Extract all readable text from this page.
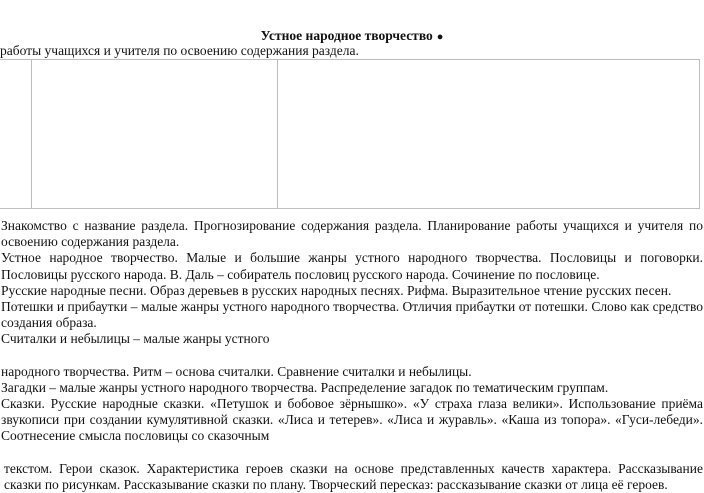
Устное народное творчество ●
работы учащихся и учителя по освоению содержания раздела.

Знакомство с название раздела. Прогнозирование содержания раздела. Планирование работы учащихся и учителя по освоению содержания раздела.

Устное народное творчество. Малые и большие жанры устного народного творчества. Пословицы и поговорки. Пословицы русского народа. В. Даль – собиратель пословиц русского народа. Сочинение по пословице.

Русские народные песни. Образ деревьев в русских народных песнях. Рифма. Выразительное чтение русских песен.

Потешки и прибаутки – малые жанры устного народного творчества. Отличия прибаутки от потешки. Слово как средство создания образа.

Считалки и небылицы – малые жанры устного

народного творчества. Ритм – основа считалки. Сравнение считалки и небылицы.

Загадки – малые жанры устного народного творчества. Распределение загадок по тематическим группам.

Сказки. Русские народные сказки. «Петушок и бобовое зёрнышко». «У страха глаза велики». Использование приёма звукописи при создании кумулятивной сказки. «Лиса и тетерев». «Лиса и журавль». «Каша из топора». «Гуси-лебеди». Соотнесение смысла пословицы со сказочным

текстом. Герои сказок. Характеристика героев сказки на основе представленных качеств характера. Рассказывание сказки по рисункам. Рассказывание сказки по плану. Творческий пересказ: рассказывание сказки от лица её героев.
